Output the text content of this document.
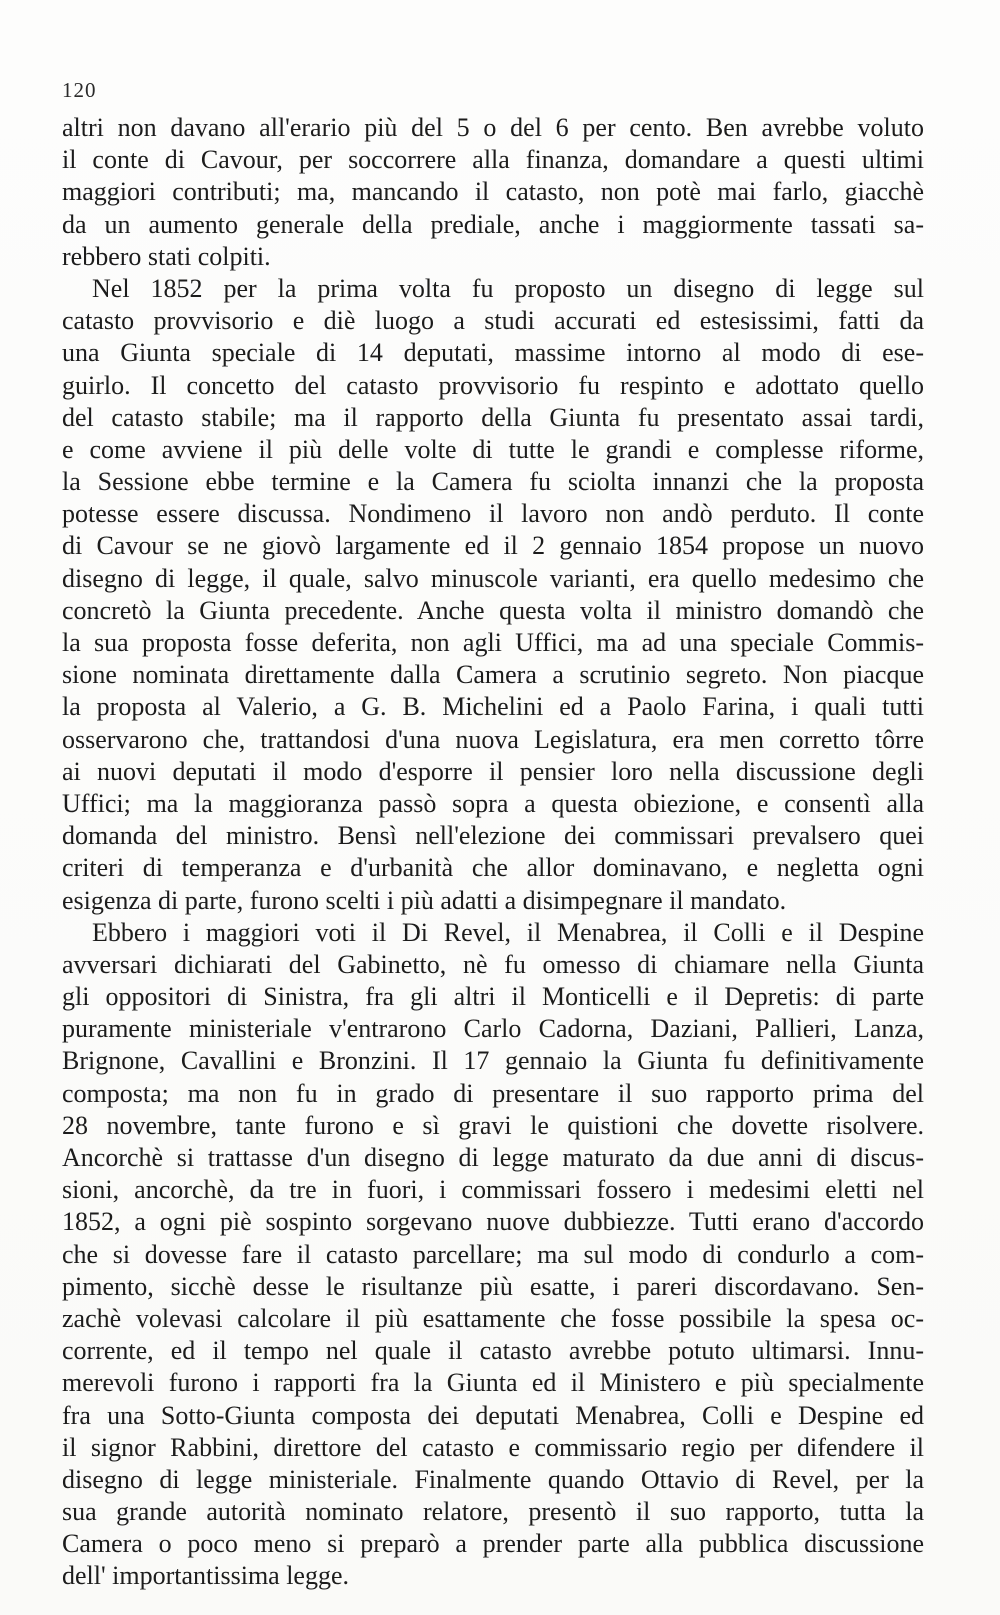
120
altri non davano all'erario più del 5 o del 6 per cento. Ben avrebbe voluto
il conte di Cavour, per soccorrere alla finanza, domandare a questi ultimi
maggiori contributi; ma, mancando il catasto, non potè mai farlo, giacchè
da un aumento generale della prediale, anche i maggiormente tassati sa-
rebbero stati colpiti.
Nel 1852 per la prima volta fu proposto un disegno di legge sul
catasto provvisorio e diè luogo a studi accurati ed estesissimi, fatti da
una Giunta speciale di 14 deputati, massime intorno al modo di ese-
guirlo. Il concetto del catasto provvisorio fu respinto e adottato quello
del catasto stabile; ma il rapporto della Giunta fu presentato assai tardi,
e come avviene il più delle volte di tutte le grandi e complesse riforme,
la Sessione ebbe termine e la Camera fu sciolta innanzi che la proposta
potesse essere discussa. Nondimeno il lavoro non andò perduto. Il conte
di Cavour se ne giovò largamente ed il 2 gennaio 1854 propose un nuovo
disegno di legge, il quale, salvo minuscole varianti, era quello medesimo che
concretò la Giunta precedente. Anche questa volta il ministro domandò che
la sua proposta fosse deferita, non agli Uffici, ma ad una speciale Commis-
sione nominata direttamente dalla Camera a scrutinio segreto. Non piacque
la proposta al Valerio, a G. B. Michelini ed a Paolo Farina, i quali tutti
osservarono che, trattandosi d'una nuova Legislatura, era men corretto tôrre
ai nuovi deputati il modo d'esporre il pensier loro nella discussione degli
Uffici; ma la maggioranza passò sopra a questa obiezione, e consentì alla
domanda del ministro. Bensì nell'elezione dei commissari prevalsero quei
criteri di temperanza e d'urbanità che allor dominavano, e negletta ogni
esigenza di parte, furono scelti i più adatti a disimpegnare il mandato.
Ebbero i maggiori voti il Di Revel, il Menabrea, il Colli e il Despine
avversari dichiarati del Gabinetto, nè fu omesso di chiamare nella Giunta
gli oppositori di Sinistra, fra gli altri il Monticelli e il Depretis: di parte
puramente ministeriale v'entrarono Carlo Cadorna, Daziani, Pallieri, Lanza,
Brignone, Cavallini e Bronzini. Il 17 gennaio la Giunta fu definitivamente
composta; ma non fu in grado di presentare il suo rapporto prima del
28 novembre, tante furono e sì gravi le quistioni che dovette risolvere.
Ancorchè si trattasse d'un disegno di legge maturato da due anni di discus-
sioni, ancorchè, da tre in fuori, i commissari fossero i medesimi eletti nel
1852, a ogni piè sospinto sorgevano nuove dubbiezze. Tutti erano d'accordo
che si dovesse fare il catasto parcellare; ma sul modo di condurlo a com-
pimento, sicchè desse le risultanze più esatte, i pareri discordavano. Sen-
zachè volevasi calcolare il più esattamente che fosse possibile la spesa oc-
corrente, ed il tempo nel quale il catasto avrebbe potuto ultimarsi. Innu-
merevoli furono i rapporti fra la Giunta ed il Ministero e più specialmente
fra una Sotto-Giunta composta dei deputati Menabrea, Colli e Despine ed
il signor Rabbini, direttore del catasto e commissario regio per difendere il
disegno di legge ministeriale. Finalmente quando Ottavio di Revel, per la
sua grande autorità nominato relatore, presentò il suo rapporto, tutta la
Camera o poco meno si preparò a prender parte alla pubblica discussione
dell' importantissima legge.
